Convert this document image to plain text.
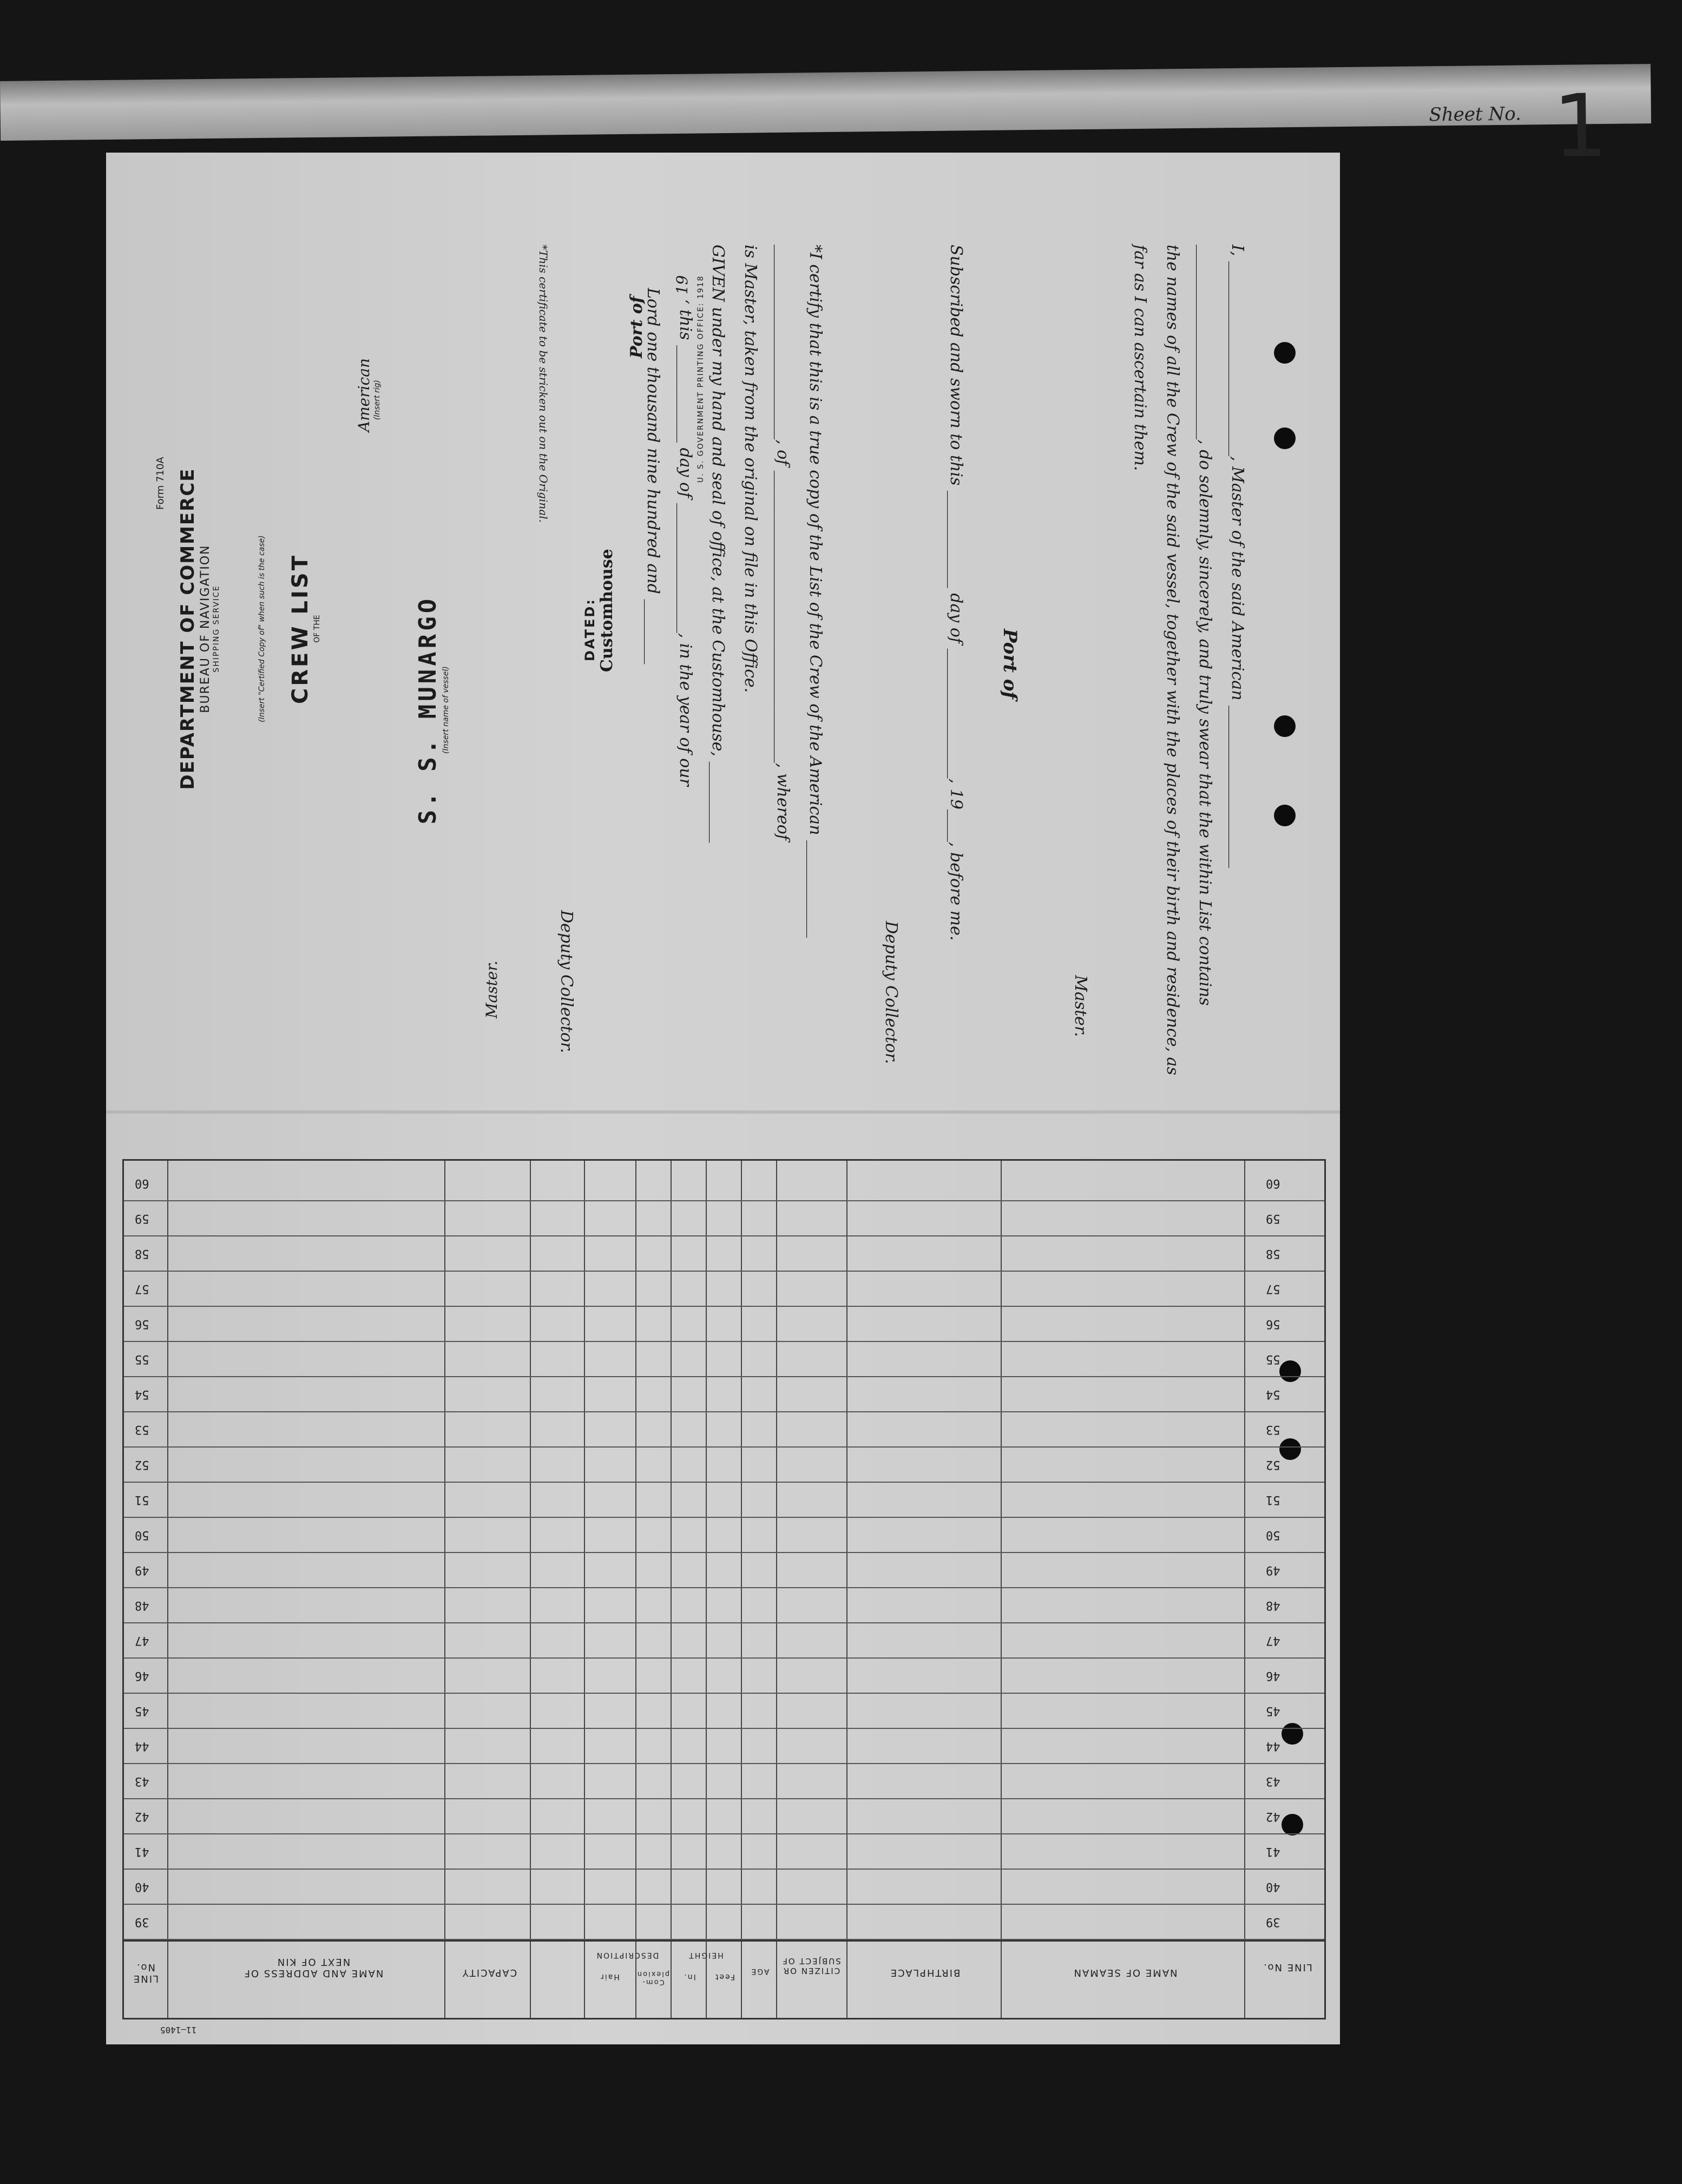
Sheet No. 1
I, ________________________, Master of the said American ____________________
________________________, do solemnly, sincerely, and truly swear that the within List contains
the names of all the Crew of the said vessel, together with the places of their birth and residence, as
far as I can ascertain them.
Master.
Port of
Subscribed and sworn to this ____________ day of ________________, 19____, before me.
Deputy Collector.
*I certify that this is a true copy of the List of the Crew of the American ____________
________________________, of ____________________________________, whereof
is Master, taken from the original on file in this Office.
GIVEN under my hand and seal of office, at the Customhouse, __________
this ____________ day of ________________, in the year of our
Lord one thousand nine hundred and ________
Deputy Collector.
*This certificate to be stricken out on the Original.
Form 710A DEPARTMENT OF COMMERCE BUREAU OF NAVIGATION SHIPPING SERVICE	(Insert "Certified Copy of" when such is the case) CREW LIST OF THE
American (Insert rig)
S. S. MUNARGO (Insert name of vessel)
Master.
DATED: Customhouse
Port of
, 19 U. S. GOVERNMENT PRINTING OFFICE: 1918
60
60
59
59
58
58
57
57
56
56
55
55
54
54
53
53
52
52
51
51
50
50
49
49
48
48
47
47
46
46
45
45
44
44
43
43
42
42
41
41
40
40
39
39
LINE No.
NAME OF SEAMAN
BIRTHPLACE
CITIZEN OR SUBJECT OF
AGE
HEIGHT
Feet
In.
DESCRIPTION
Com-plexion
Hair
CAPACITY
NAME AND ADDRESS OF NEXT OF KIN
LINE No.
11—1405
